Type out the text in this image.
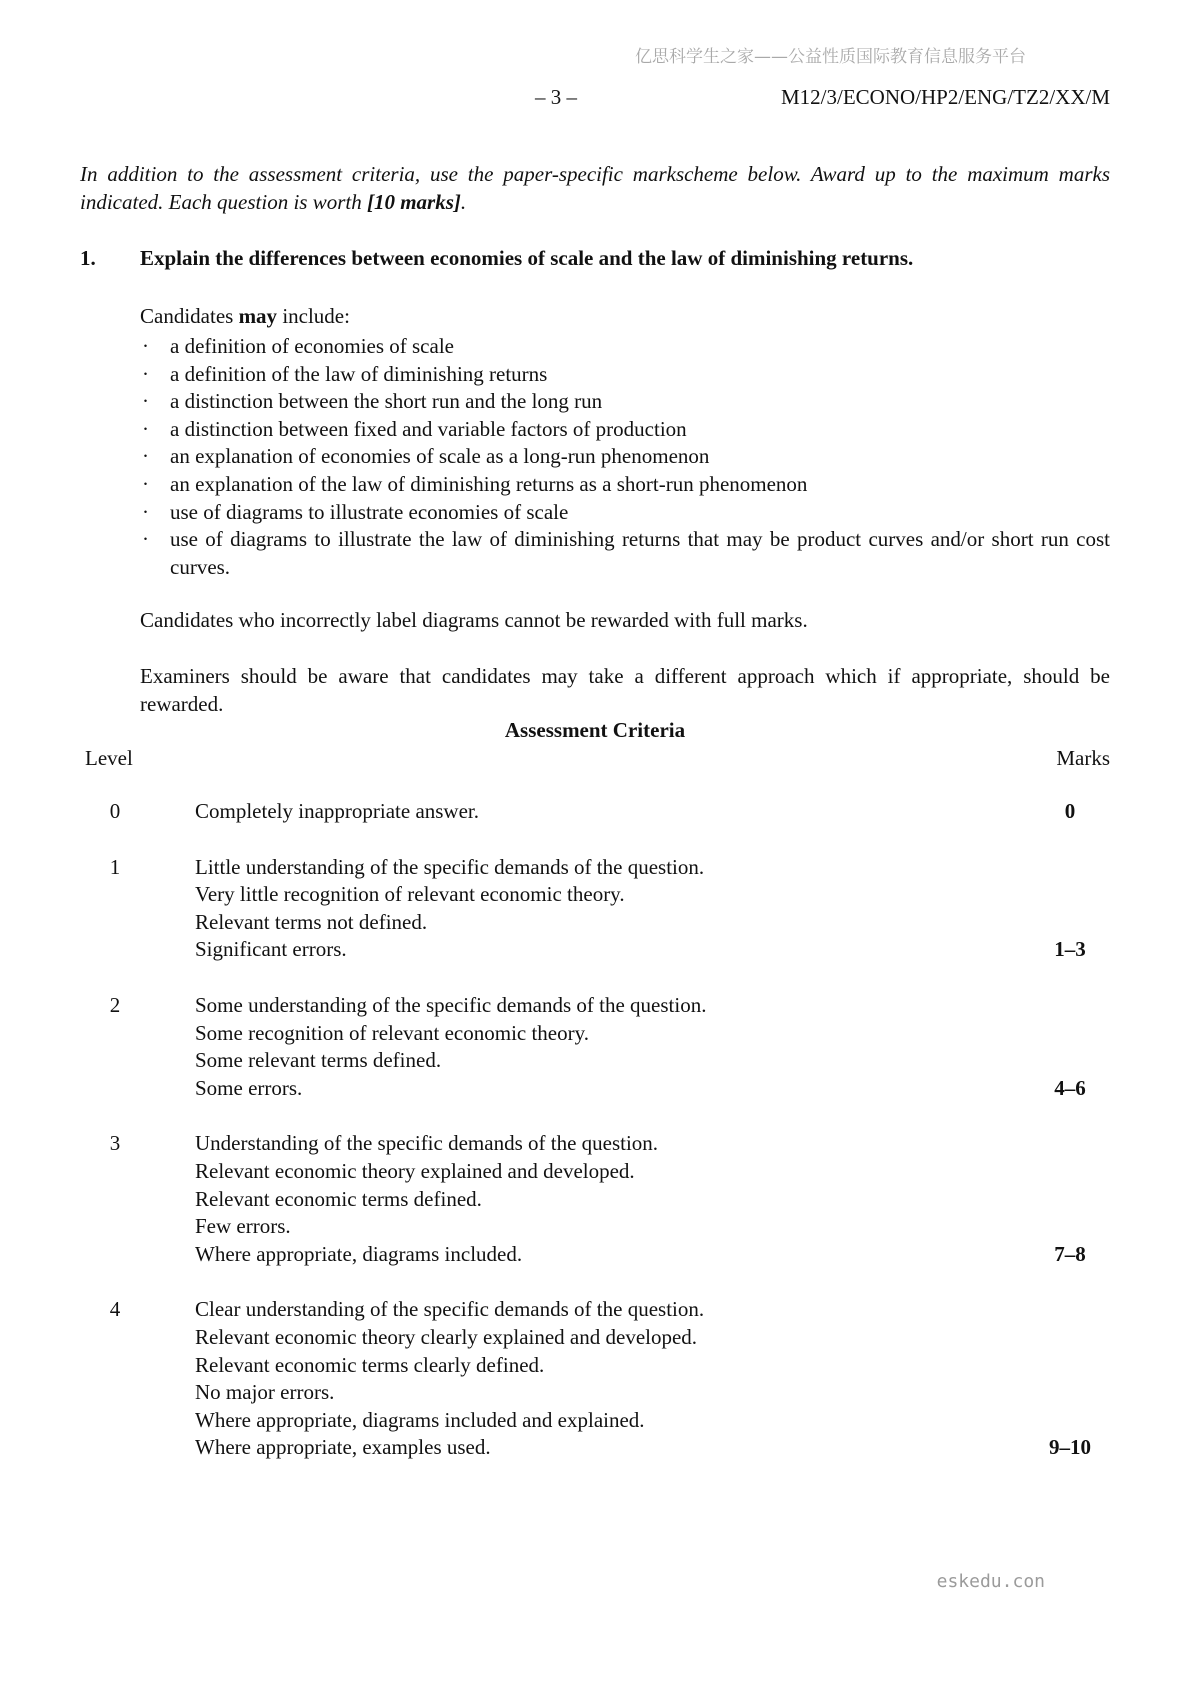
亿思科学生之家——公益性质国际教育信息服务平台
– 3 –	M12/3/ECONO/HP2/ENG/TZ2/XX/M

In addition to the assessment criteria, use the paper-specific markscheme below. Award up to the maximum marks indicated. Each question is worth [10 marks].

1.	Explain the differences between economies of scale and the law of diminishing returns.

Candidates may include:

· a definition of economies of scale
· a definition of the law of diminishing returns
· a distinction between the short run and the long run
· a distinction between fixed and variable factors of production
· an explanation of economies of scale as a long-run phenomenon
· an explanation of the law of diminishing returns as a short-run phenomenon
· use of diagrams to illustrate economies of scale
· use of diagrams to illustrate the law of diminishing returns that may be product curves and/or short run cost curves.

Candidates who incorrectly label diagrams cannot be rewarded with full marks.

Examiners should be aware that candidates may take a different approach which if appropriate, should be rewarded.

Assessment Criteria
Level	Marks
0	Completely inappropriate answer.	0
1	Little understanding of the specific demands of the question.
Very little recognition of relevant economic theory.
Relevant terms not defined.
Significant errors.	1–3
2	Some understanding of the specific demands of the question.
Some recognition of relevant economic theory.
Some relevant terms defined.
Some errors.	4–6
3	Understanding of the specific demands of the question.
Relevant economic theory explained and developed.
Relevant economic terms defined.
Few errors.
Where appropriate, diagrams included.	7–8
4	Clear understanding of the specific demands of the question.
Relevant economic theory clearly explained and developed.
Relevant economic terms clearly defined.
No major errors.
Where appropriate, diagrams included and explained.
Where appropriate, examples used.	9–10
eskedu.con
